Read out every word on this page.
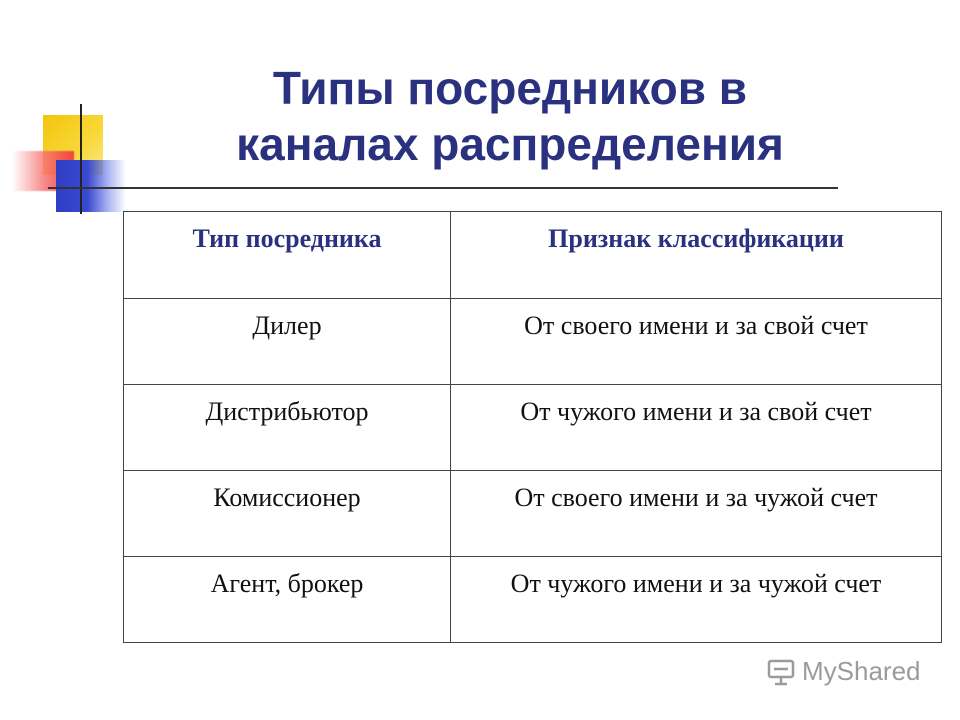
Типы посредников в
каналах распределения
Тип посредника	Признак классификации
Дилер	От своего имени и за свой счет
Дистрибьютор	От чужого имени и за свой счет
Комиссионер	От своего имени и за чужой счет
Агент, брокер	От чужого имени и за чужой счет
MyShared
